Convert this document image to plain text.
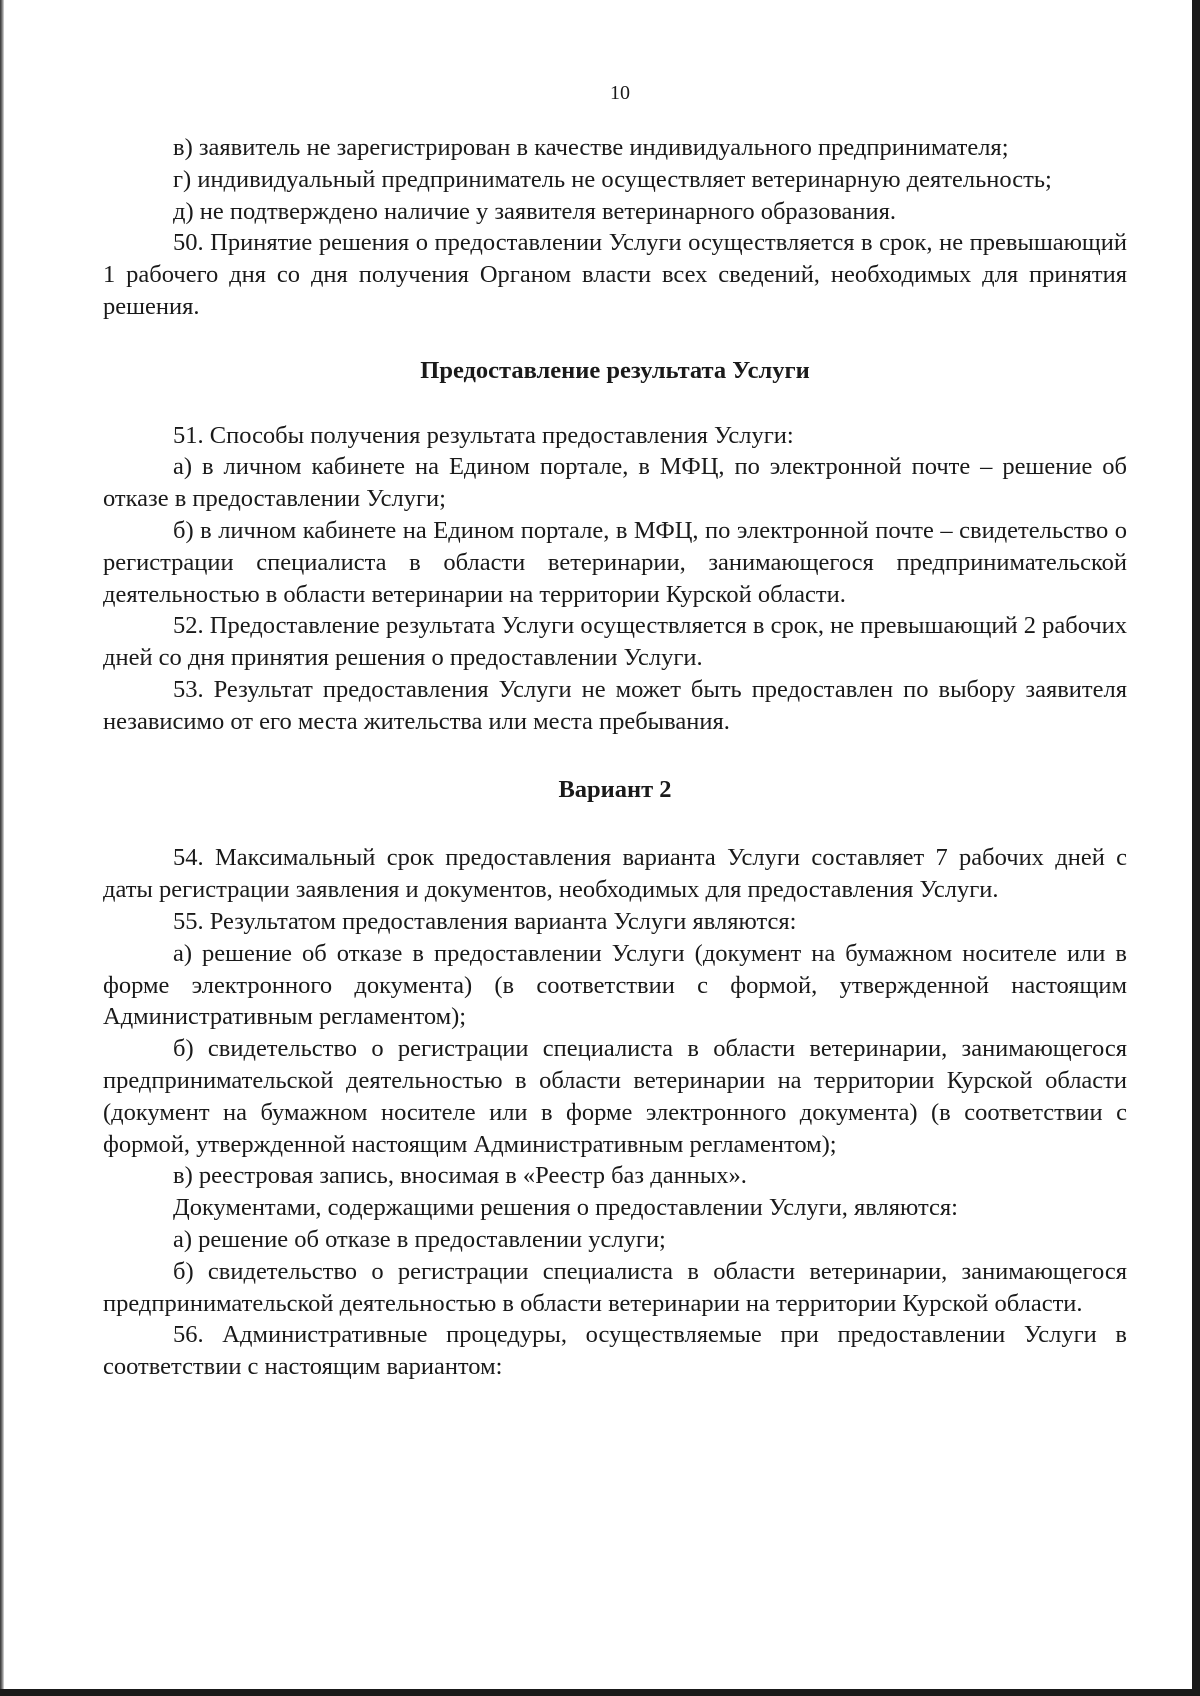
10

в) заявитель не зарегистрирован в качестве индивидуального предпринимателя;

г) индивидуальный предприниматель не осуществляет ветеринарную деятельность;

д) не подтверждено наличие у заявителя ветеринарного образования.

50. Принятие решения о предоставлении Услуги осуществляется в срок, не превышающий 1 рабочего дня со дня получения Органом власти всех сведений, необходимых для принятия решения.

Предоставление результата Услуги

51. Способы получения результата предоставления Услуги:

а) в личном кабинете на Едином портале, в МФЦ, по электронной почте – решение об отказе в предоставлении Услуги;

б) в личном кабинете на Едином портале, в МФЦ, по электронной почте – свидетельство о регистрации специалиста в области ветеринарии, занимающегося предпринимательской деятельностью в области ветеринарии на территории Курской области.

52. Предоставление результата Услуги осуществляется в срок, не превышающий 2 рабочих дней со дня принятия решения о предоставлении Услуги.

53. Результат предоставления Услуги не может быть предоставлен по выбору заявителя независимо от его места жительства или места пребывания.

Вариант 2

54. Максимальный срок предоставления варианта Услуги составляет 7 рабочих дней с даты регистрации заявления и документов, необходимых для предоставления Услуги.

55. Результатом предоставления варианта Услуги являются:

а) решение об отказе в предоставлении Услуги (документ на бумажном носителе или в форме электронного документа) (в соответствии с формой, утвержденной настоящим Административным регламентом);

б) свидетельство о регистрации специалиста в области ветеринарии, занимающегося предпринимательской деятельностью в области ветеринарии на территории Курской области (документ на бумажном носителе или в форме электронного документа) (в соответствии с формой, утвержденной настоящим Административным регламентом);

в) реестровая запись, вносимая в «Реестр баз данных».

Документами, содержащими решения о предоставлении Услуги, являются:

а) решение об отказе в предоставлении услуги;

б) свидетельство о регистрации специалиста в области ветеринарии, занимающегося предпринимательской деятельностью в области ветеринарии на территории Курской области.

56. Административные процедуры, осуществляемые при предоставлении Услуги в соответствии с настоящим вариантом:
